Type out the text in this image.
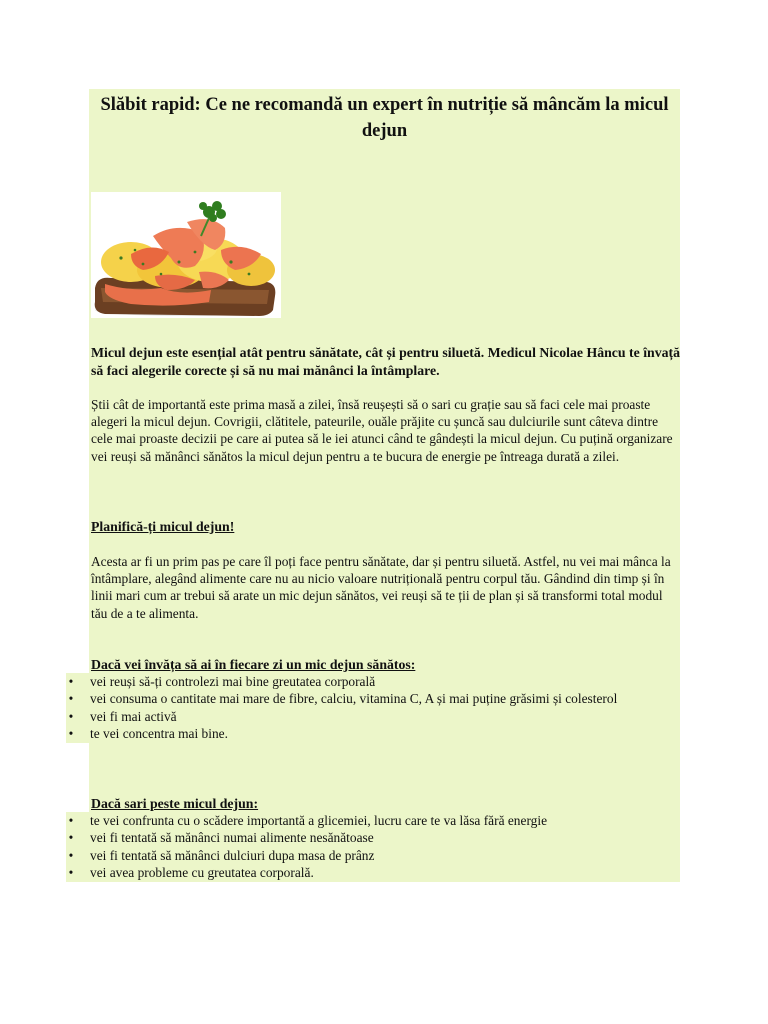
Slăbit rapid: Ce ne recomandă un expert în nutriție să mâncăm la micul dejun

Micul dejun este esențial atât pentru sănătate, cât și pentru siluetă. Medicul Nicolae Hâncu te învață să faci alegerile corecte și să nu mai mănânci la întâmplare.

Știi cât de importantă este prima masă a zilei, însă reușești să o sari cu grație sau să faci cele mai proaste alegeri la micul dejun. Covrigii, clătitele, pateurile, ouăle prăjite cu șuncă sau dulciurile sunt câteva dintre cele mai proaste decizii pe care ai putea să le iei atunci când te gândești la micul dejun. Cu puțină organizare vei reuși să mănânci sănătos la micul dejun pentru a te bucura de energie pe întreaga durată a zilei.

Planifică-ți micul dejun!

Acesta ar fi un prim pas pe care îl poți face pentru sănătate, dar și pentru siluetă. Astfel, nu vei mai mânca la întâmplare, alegând alimente care nu au nicio valoare nutrițională pentru corpul tău. Gândind din timp și în linii mari cum ar trebui să arate un mic dejun sănătos, vei reuși să te ții de plan și să transformi total modul tău de a te alimenta.

Dacă vei învăța să ai în fiecare zi un mic dejun sănătos:
• vei reuși să-ți controlezi mai bine greutatea corporală
• vei consuma o cantitate mai mare de fibre, calciu, vitamina C, A și mai puține grăsimi și colesterol
• vei fi mai activă
• te vei concentra mai bine.
Dacă sari peste micul dejun:
• te vei confrunta cu o scădere importantă a glicemiei, lucru care te va lăsa fără energie
• vei fi tentată să mănânci numai alimente nesănătoase
• vei fi tentată să mănânci dulciuri dupa masa de prânz
• vei avea probleme cu greutatea corporală.
